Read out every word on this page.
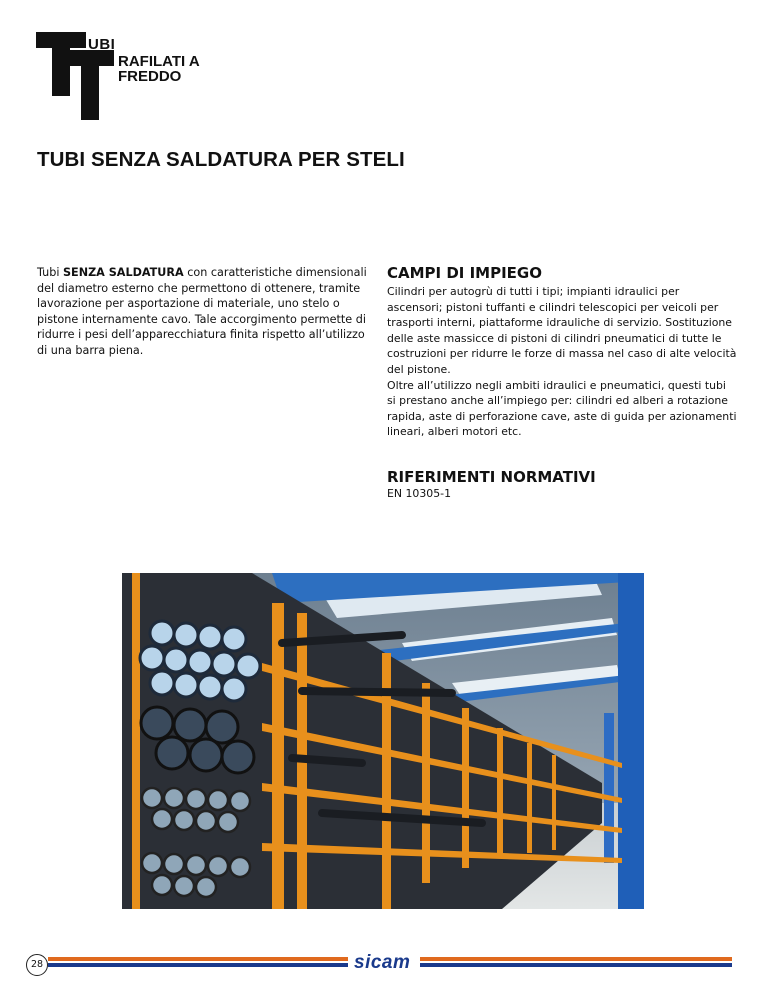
UBI
RAFILATI A
FREDDO
TUBI SENZA SALDATURA PER STELI
Tubi SENZA SALDATURA con caratteristiche dimensionali del diametro esterno che permettono di ottenere, tramite lavorazione per asportazione di materiale, uno stelo o pistone internamente cavo. Tale accorgimento permette di ridurre i pesi dell’apparecchiatura finita rispetto all’utilizzo di una barra piena.
CAMPI DI IMPIEGO

Cilindri per autogrù di tutti i tipi; impianti idraulici per ascensori; pistoni tuffanti e cilindri telescopici per veicoli per trasporti interni, piattaforme idrauliche di servizio. Sostituzione delle aste massicce di pistoni di cilindri pneumatici di tutte le costruzioni per ridurre le forze di massa nel caso di alte velocità del pistone.

Oltre all’utilizzo negli ambiti idraulici e pneumatici, questi tubi si prestano anche all’impiego per: cilindri ed alberi a rotazione rapida, aste di perforazione cave, aste di guida per azionamenti lineari, alberi motori etc.

RIFERIMENTI NORMATIVI
EN 10305-1
28	sicam
